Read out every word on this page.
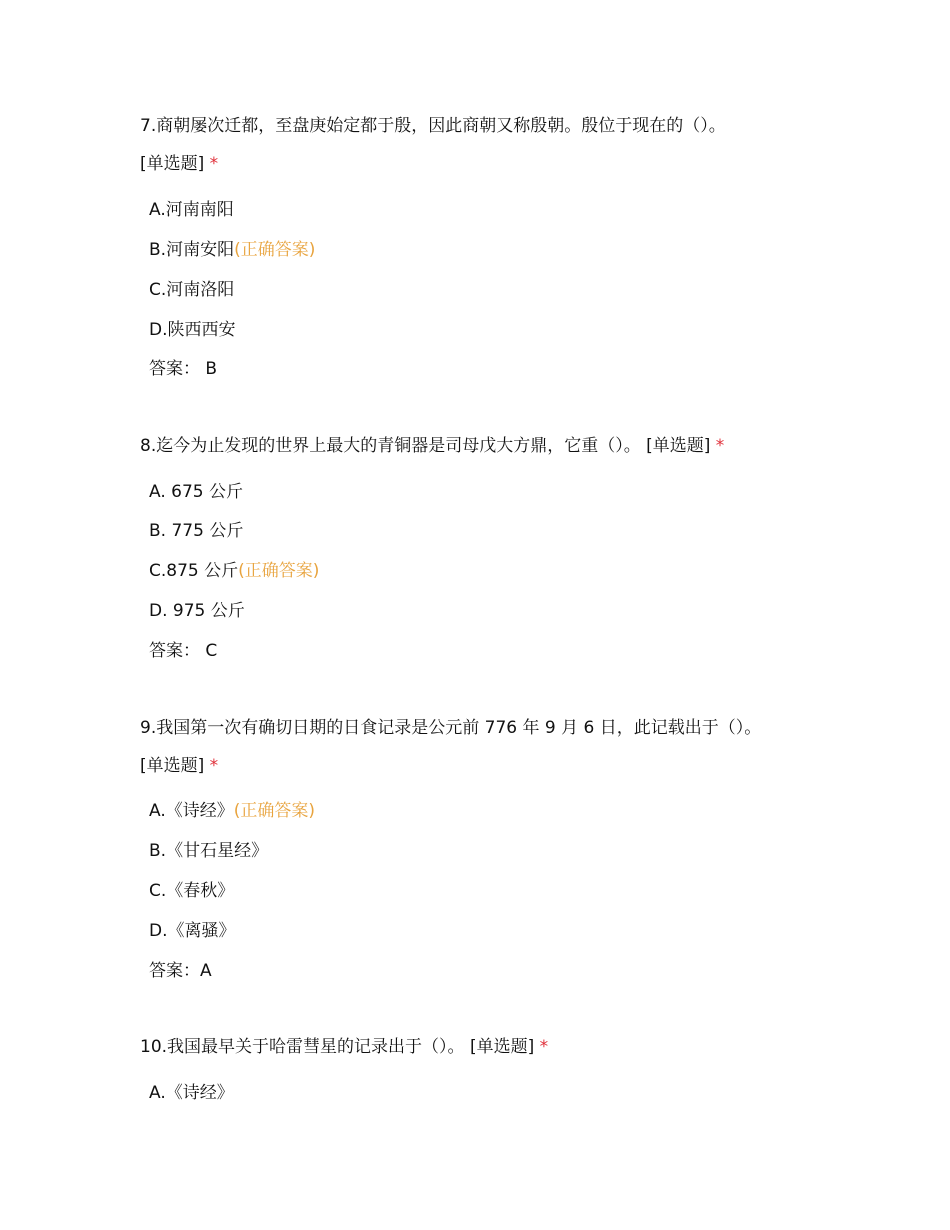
7.商朝屡次迁都，至盘庚始定都于殷，因此商朝又称殷朝。殷位于现在的（）。
[单选题] *
A.河南南阳
B.河南安阳(正确答案)
C.河南洛阳
D.陕西西安
答案： B
8.迄今为止发现的世界上最大的青铜器是司母戊大方鼎，它重（）。 [单选题] *
A. 675 公斤
B. 775 公斤
C.875 公斤(正确答案)
D. 975 公斤
答案： C
9.我国第一次有确切日期的日食记录是公元前 776 年 9 月 6 日，此记载出于（）。
[单选题] *
A.《诗经》(正确答案)
B.《甘石星经》
C.《春秋》
D.《离骚》
答案：A
10.我国最早关于哈雷彗星的记录出于（）。 [单选题] *
A.《诗经》
